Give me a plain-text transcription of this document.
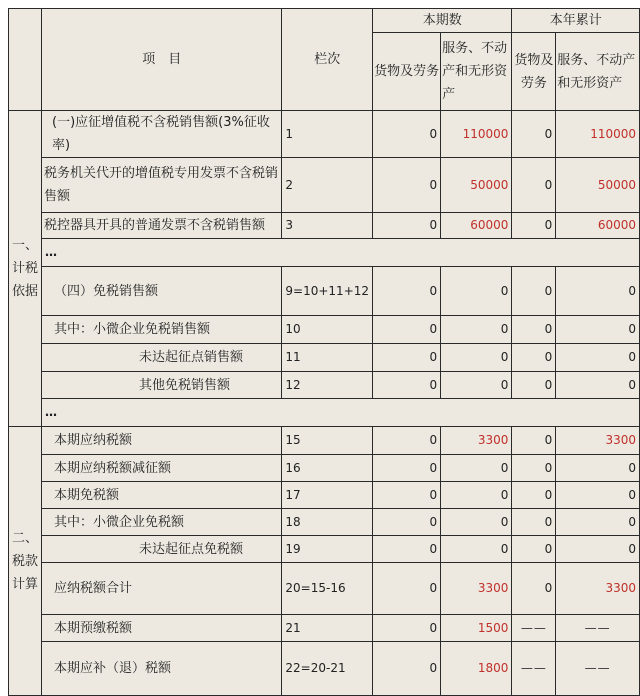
	项　目	栏次	本期数		本年累计	
			货物及劳务	服务、不动产和无形资产	货物及劳务	服务、不动产和无形资产

一、计税依据	(一)应征增值税不含税销售额(3%征收率)	1	0	110000	0	110000
	税务机关代开的增值税专用发票不含税销售额	2	0	50000	0	50000
	税控器具开具的普通发票不含税销售额	3	0	60000	0	60000
	…					
	（四）免税销售额	9=10+11+12	0	0	0	0
	其中：小微企业免税销售额	10	0	0	0	0
	未达起征点销售额	11	0	0	0	0
	其他免税销售额	12	0	0	0	0
	…					
二、税款计算	本期应纳税额	15	0	3300	0	3300
	本期应纳税额减征额	16	0	0	0	0
	本期免税额	17	0	0	0	0
	其中：小微企业免税额	18	0	0	0	0
	未达起征点免税额	19	0	0	0	0
	应纳税额合计	20=15-16	0	3300	0	3300
	本期预缴税额	21	0	1500	——	——
	本期应补（退）税额	22=20-21	0	1800	——	——
